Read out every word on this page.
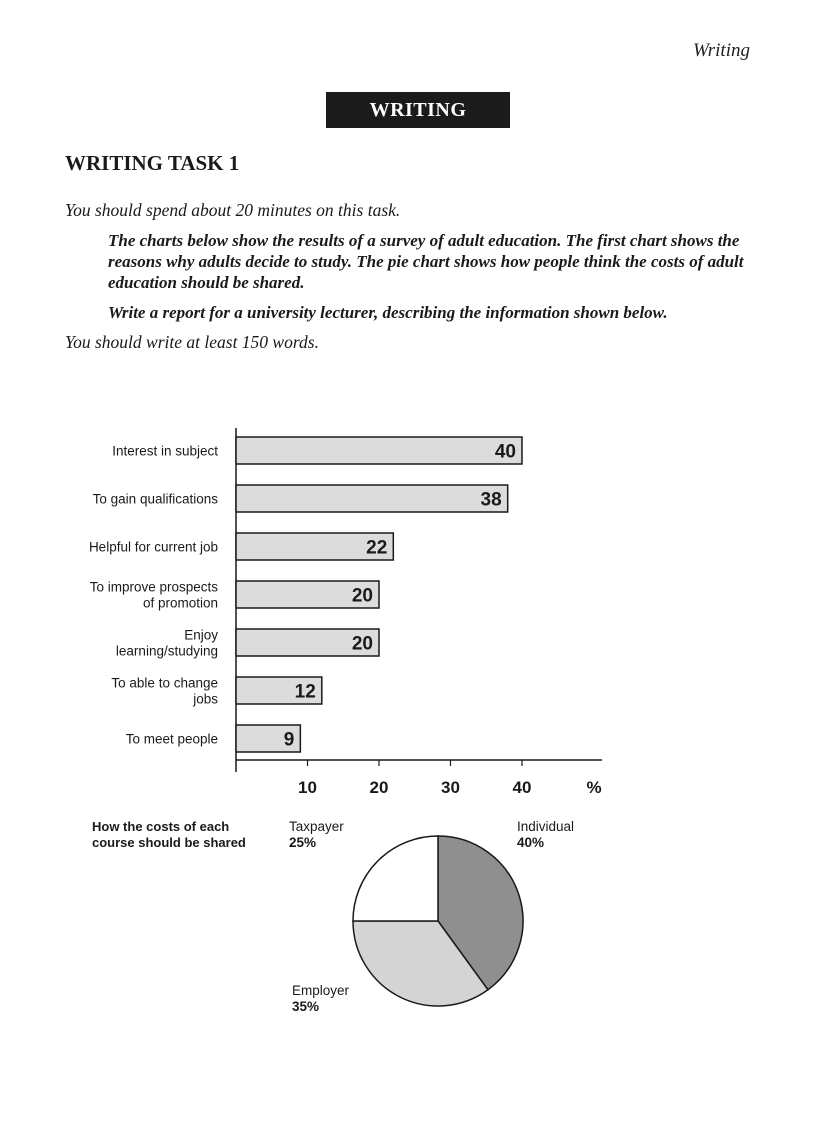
Writing
WRITING
WRITING TASK 1

You should spend about 20 minutes on this task.

The charts below show the results of a survey of adult education. The first chart shows the reasons why adults decide to study. The pie chart shows how people think the costs of adult education should be shared.

Write a report for a university lecturer, describing the information shown below.

You should write at least 150 words.

40
Interest in subject
38
To gain qualifications
22
Helpful for current job
20
To improve prospects
of promotion
20
Enjoy
learning/studying
12
To able to change
jobs
9
To meet people
10	20	30	40	%
How the costs of each
course should be shared
Individual
40%
Employer
35%
Taxpayer
25%
